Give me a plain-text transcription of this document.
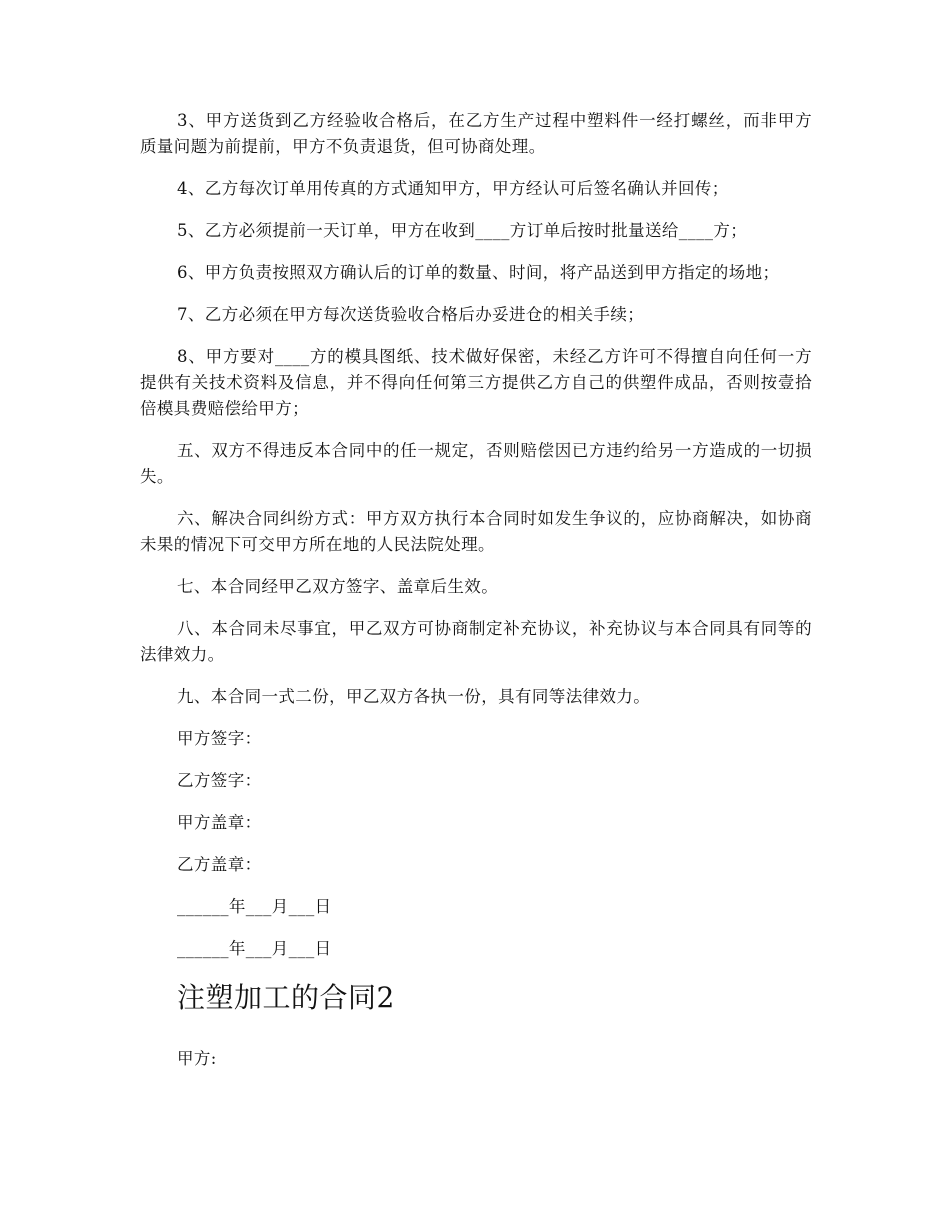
3、甲方送货到乙方经验收合格后，在乙方生产过程中塑料件一经打螺丝，而非甲方质量问题为前提前，甲方不负责退货，但可协商处理。

4、乙方每次订单用传真的方式通知甲方，甲方经认可后签名确认并回传；

5、乙方必须提前一天订单，甲方在收到____方订单后按时批量送给____方；

6、甲方负责按照双方确认后的订单的数量、时间，将产品送到甲方指定的场地；

7、乙方必须在甲方每次送货验收合格后办妥进仓的相关手续；

8、甲方要对____方的模具图纸、技术做好保密，未经乙方许可不得擅自向任何一方提供有关技术资料及信息，并不得向任何第三方提供乙方自己的供塑件成品，否则按壹拾倍模具费赔偿给甲方；

五、双方不得违反本合同中的任一规定，否则赔偿因已方违约给另一方造成的一切损失。

六、解决合同纠纷方式：甲方双方执行本合同时如发生争议的，应协商解决，如协商未果的情况下可交甲方所在地的人民法院处理。

七、本合同经甲乙双方签字、盖章后生效。

八、本合同未尽事宜，甲乙双方可协商制定补充协议，补充协议与本合同具有同等的法律效力。

九、本合同一式二份，甲乙双方各执一份，具有同等法律效力。

甲方签字：
乙方签字：
甲方盖章：
乙方盖章：
______年___月___日
______年___月___日
注塑加工的合同2
甲方:
